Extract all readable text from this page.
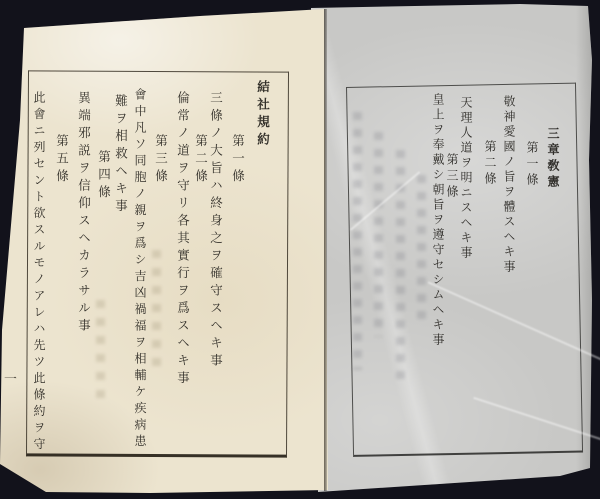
結社規約
第一條
三條ノ大旨ハ終身之ヲ確守スヘキ事
第二條
倫常ノ道ヲ守リ各其實行ヲ爲スヘキ事
第三條
會中凡ソ同胞ノ親ヲ爲シ吉凶禍福ヲ相輔ケ疾病患
難ヲ相救ヘキ事
第四條
異端邪説ヲ信仰スヘカラサル事
第五條
此會ニ列セント欲スルモノアレハ先ツ此條約ヲ守
一
三章敎憲
第一條
敬神愛國ノ旨ヲ體スヘキ事
第二條
天理人道ヲ明ニスヘキ事
第三條
皇上ヲ奉戴シ朝旨ヲ遵守セシムヘキ事
